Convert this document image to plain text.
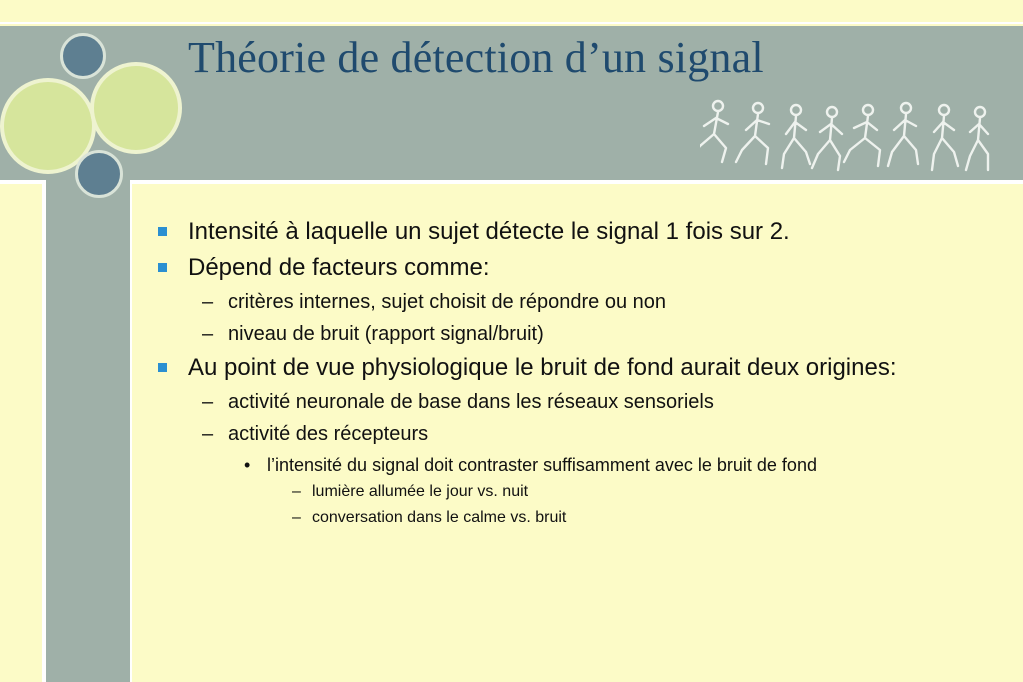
Théorie de détection d’un signal
Intensité à laquelle un sujet détecte le signal 1 fois sur 2.
Dépend de facteurs comme:
– critères internes, sujet choisit de répondre ou non
– niveau de bruit (rapport signal/bruit)
Au point de vue physiologique le bruit de fond aurait deux origines:
– activité neuronale de base dans les réseaux sensoriels
– activité des récepteurs
• l’intensité du signal doit contraster suffisamment avec le bruit de fond
– lumière allumée le jour vs. nuit
– conversation dans le calme vs. bruit
